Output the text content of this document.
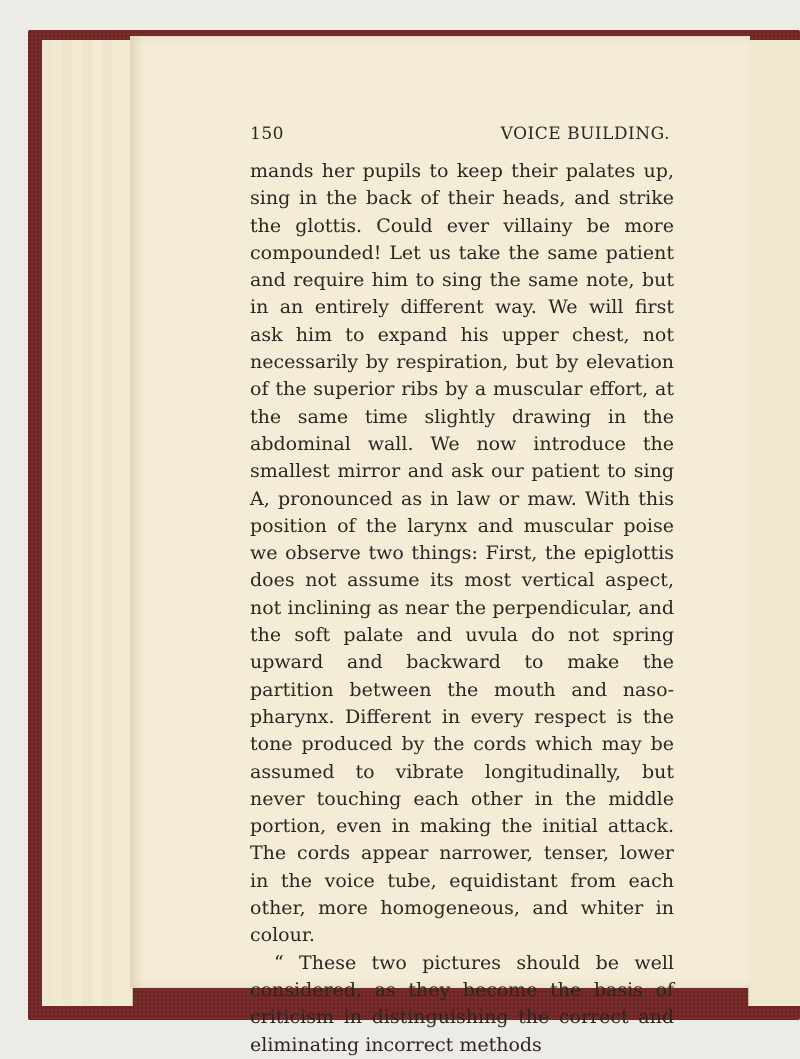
150	VOICE BUILDING.

mands her pupils to keep their palates up, sing in the back of their heads, and strike the glottis. Could ever villainy be more compounded! Let us take the same patient and require him to sing the same note, but in an entirely different way. We will first ask him to expand his upper chest, not necessarily by respiration, but by elevation of the superior ribs by a muscular effort, at the same time slightly drawing in the abdominal wall. We now introduce the smallest mirror and ask our patient to sing A, pronounced as in law or maw. With this position of the larynx and muscular poise we observe two things: First, the epiglottis does not assume its most vertical aspect, not inclining as near the perpendicular, and the soft palate and uvula do not spring upward and backward to make the partition between the mouth and naso-pharynx. Different in every respect is the tone produced by the cords which may be assumed to vibrate longitudinally, but never touching each other in the middle portion, even in making the initial attack. The cords appear narrower, tenser, lower in the voice tube, equidistant from each other, more homogeneous, and whiter in colour.

“ These two pictures should be well considered, as they become the basis of criticism in distinguishing the correct and eliminating incorrect methods
